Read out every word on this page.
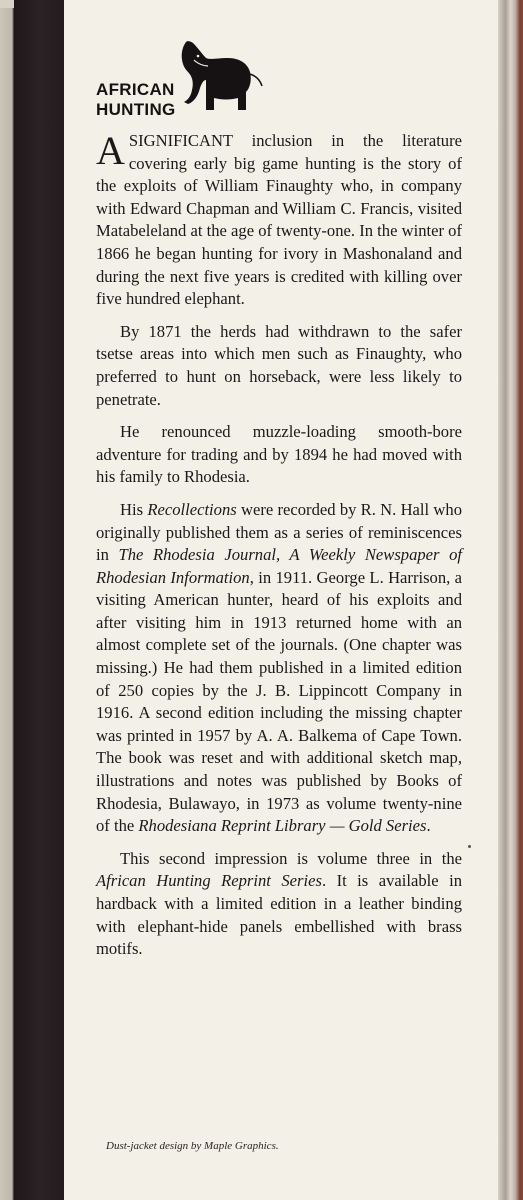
AFRICAN
HUNTING

ASIGNIFICANT inclusion in the literature covering early big game hunting is the story of the exploits of William Finaughty who, in company with Edward Chapman and William C. Francis, visited Matabeleland at the age of twenty-one. In the winter of 1866 he began hunting for ivory in Mashonaland and during the next five years is credited with killing over five hundred elephant.

By 1871 the herds had withdrawn to the safer tsetse areas into which men such as Finaughty, who preferred to hunt on horseback, were less likely to penetrate.

He renounced muzzle-loading smooth-bore adventure for trading and by 1894 he had moved with his family to Rhodesia.

His Recollections were recorded by R. N. Hall who originally published them as a series of reminiscences in The Rhodesia Journal, A Weekly Newspaper of Rhodesian Information, in 1911. George L. Harrison, a visiting American hunter, heard of his exploits and after visiting him in 1913 returned home with an almost complete set of the journals. (One chapter was missing.) He had them published in a limited edition of 250 copies by the J. B. Lippincott Company in 1916. A second edition including the missing chapter was printed in 1957 by A. A. Balkema of Cape Town. The book was reset and with additional sketch map, illustrations and notes was published by Books of Rhodesia, Bulawayo, in 1973 as volume twenty-nine of the Rhodesiana Reprint Library — Gold Series.

This second impression is volume three in the African Hunting Reprint Series. It is available in hardback with a limited edition in a leather binding with elephant-hide panels embellished with brass motifs.

Dust-jacket design by Maple Graphics.
